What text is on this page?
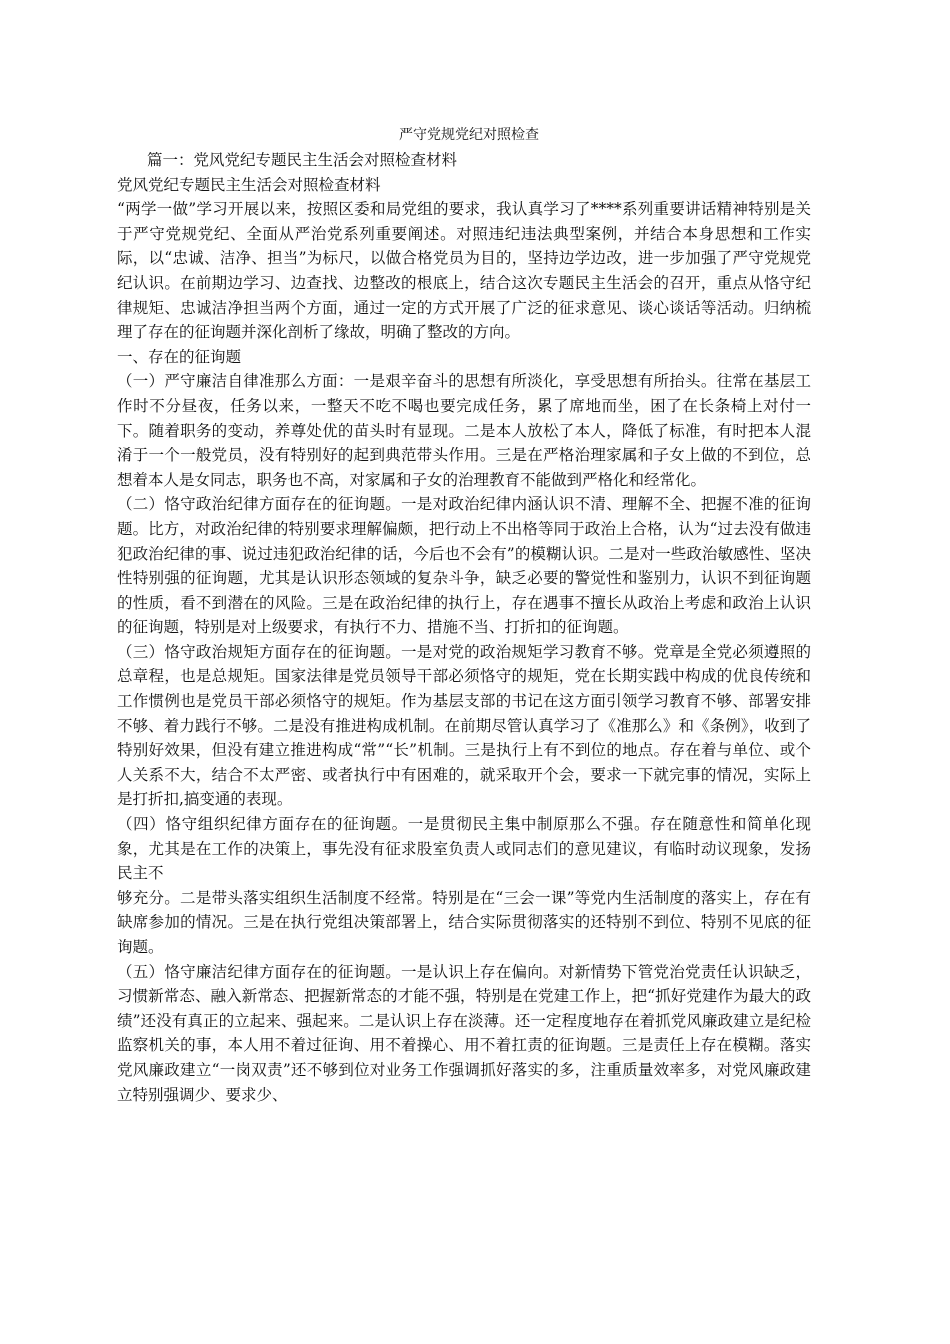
严守党规党纪对照检查

篇一：党风党纪专题民主生活会对照检查材料

党风党纪专题民主生活会对照检查材料

“两学一做”学习开展以来，按照区委和局党组的要求，我认真学习了****系列重要讲话精神特别是关于严守党规党纪、全面从严治党系列重要阐述。对照违纪违法典型案例，并结合本身思想和工作实际，以“忠诚、洁净、担当”为标尺，以做合格党员为目的，坚持边学边改，进一步加强了严守党规党纪认识。在前期边学习、边查找、边整改的根底上，结合这次专题民主生活会的召开，重点从恪守纪律规矩、忠诚洁净担当两个方面，通过一定的方式开展了广泛的征求意见、谈心谈话等活动。归纳梳理了存在的征询题并深化剖析了缘故，明确了整改的方向。

一、存在的征询题

（一）严守廉洁自律准那么方面：一是艰辛奋斗的思想有所淡化，享受思想有所抬头。往常在基层工作时不分昼夜，任务以来，一整天不吃不喝也要完成任务，累了席地而坐，困了在长条椅上对付一下。随着职务的变动，养尊处优的苗头时有显现。二是本人放松了本人，降低了标准，有时把本人混淆于一个一般党员，没有特别好的起到典范带头作用。三是在严格治理家属和子女上做的不到位，总想着本人是女同志，职务也不高，对家属和子女的治理教育不能做到严格化和经常化。

（二）恪守政治纪律方面存在的征询题。一是对政治纪律内涵认识不清、理解不全、把握不准的征询题。比方，对政治纪律的特别要求理解偏颇，把行动上不出格等同于政治上合格，认为“过去没有做违犯政治纪律的事、说过违犯政治纪律的话，今后也不会有”的模糊认识。二是对一些政治敏感性、坚决性特别强的征询题，尤其是认识形态领域的复杂斗争，缺乏必要的警觉性和鉴别力，认识不到征询题的性质，看不到潜在的风险。三是在政治纪律的执行上，存在遇事不擅长从政治上考虑和政治上认识的征询题，特别是对上级要求，有执行不力、措施不当、打折扣的征询题。

（三）恪守政治规矩方面存在的征询题。一是对党的政治规矩学习教育不够。党章是全党必须遵照的总章程，也是总规矩。国家法律是党员领导干部必须恪守的规矩，党在长期实践中构成的优良传统和工作惯例也是党员干部必须恪守的规矩。作为基层支部的书记在这方面引领学习教育不够、部署安排不够、着力践行不够。二是没有推进构成机制。在前期尽管认真学习了《准那么》和《条例》，收到了特别好效果，但没有建立推进构成“常”“长”机制。三是执行上有不到位的地点。存在着与单位、或个人关系不大，结合不太严密、或者执行中有困难的，就采取开个会，要求一下就完事的情况，实际上是打折扣,搞变通的表现。

（四）恪守组织纪律方面存在的征询题。一是贯彻民主集中制原那么不强。存在随意性和简单化现象，尤其是在工作的决策上，事先没有征求股室负责人或同志们的意见建议，有临时动议现象，发扬民主不

够充分。二是带头落实组织生活制度不经常。特别是在“三会一课”等党内生活制度的落实上，存在有缺席参加的情况。三是在执行党组决策部署上，结合实际贯彻落实的还特别不到位、特别不见底的征询题。

（五）恪守廉洁纪律方面存在的征询题。一是认识上存在偏向。对新情势下管党治党责任认识缺乏，习惯新常态、融入新常态、把握新常态的才能不强，特别是在党建工作上，把“抓好党建作为最大的政绩”还没有真正的立起来、强起来。二是认识上存在淡薄。还一定程度地存在着抓党风廉政建立是纪检监察机关的事，本人用不着过征询、用不着操心、用不着扛责的征询题。三是责任上存在模糊。落实党风廉政建立“一岗双责”还不够到位对业务工作强调抓好落实的多，注重质量效率多，对党风廉政建立特别强调少、要求少、
